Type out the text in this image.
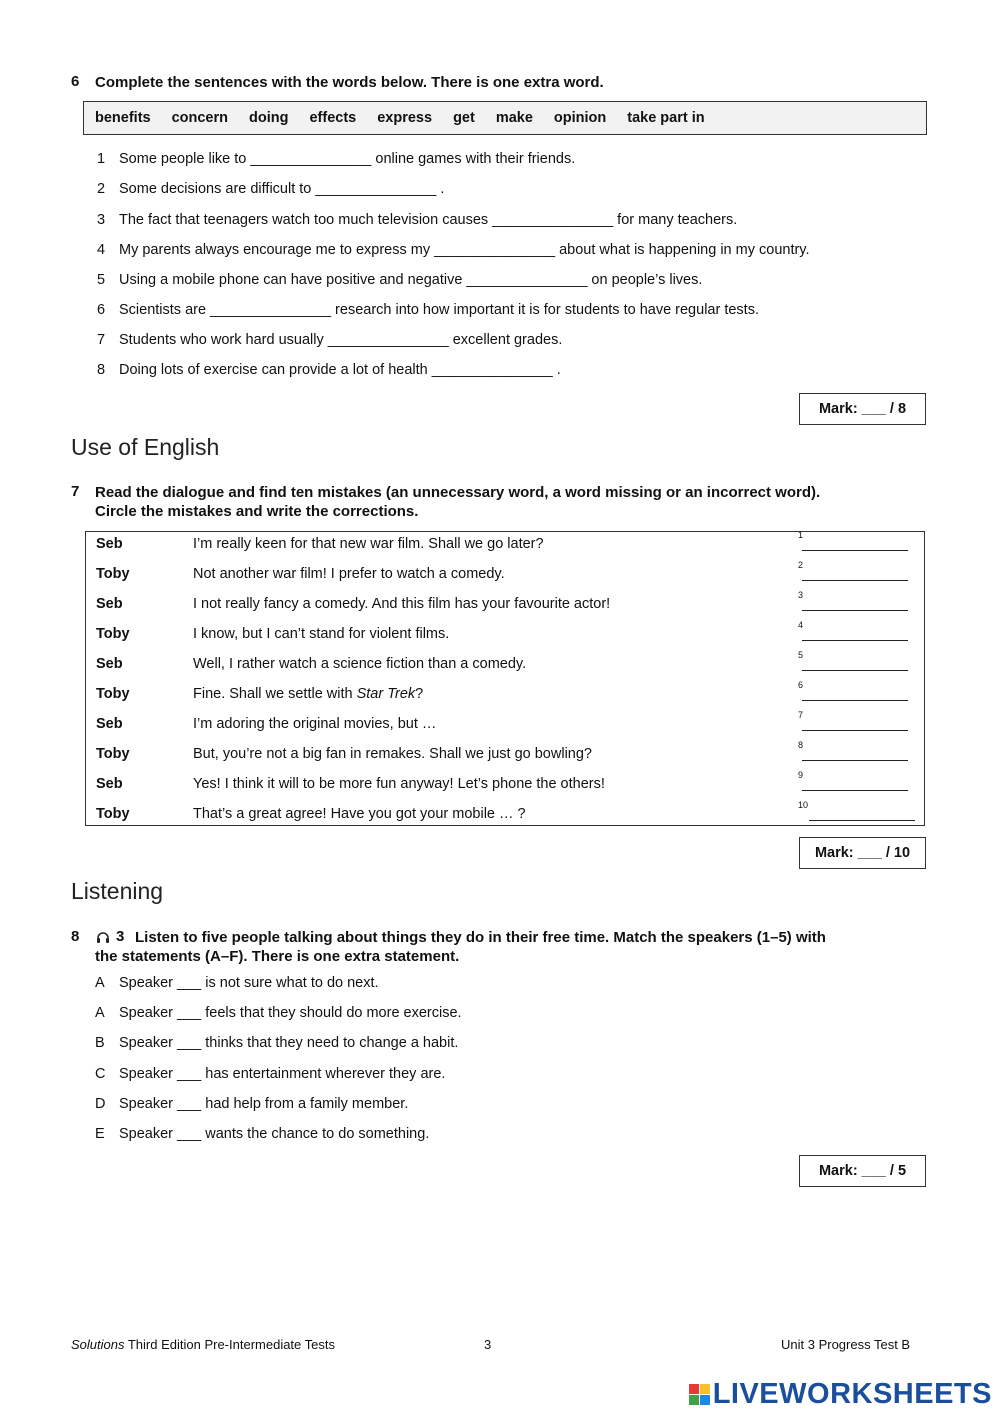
6 Complete the sentences with the words below. There is one extra word.
benefits concern doing effects express get make opinion take part in
1 Some people like to _______________ online games with their friends.
2 Some decisions are difficult to _______________ .
3 The fact that teenagers watch too much television causes _______________ for many teachers.
4 My parents always encourage me to express my _______________ about what is happening in my country.
5 Using a mobile phone can have positive and negative _______________ on people’s lives.
6 Scientists are _______________ research into how important it is for students to have regular tests.
7 Students who work hard usually _______________ excellent grades.
8 Doing lots of exercise can provide a lot of health _______________ .
Mark: ___ / 8
Use of English
7 Read the dialogue and find ten mistakes (an unnecessary word, a word missing or an incorrect word).
Circle the mistakes and write the corrections.
Seb	I’m really keen for that new war film. Shall we go later?
1
Toby	Not another war film! I prefer to watch a comedy.
2
Seb	I not really fancy a comedy. And this film has your favourite actor!
3
Toby	I know, but I can’t stand for violent films.
4
Seb	Well, I rather watch a science fiction than a comedy.
5
Toby	Fine. Shall we settle with Star Trek?
6
Seb	I’m adoring the original movies, but …
7
Toby	But, you’re not a big fan in remakes. Shall we just go bowling?
8
Seb	Yes! I think it will to be more fun anyway! Let’s phone the others!
9
Toby	That’s a great agree! Have you got your mobile … ?
10
Mark: ___ / 10
Listening
8 3 Listen to five people talking about things they do in their free time. Match the speakers (1–5) with
the statements (A–F). There is one extra statement.
A Speaker ___ is not sure what to do next.
A Speaker ___ feels that they should do more exercise.
B Speaker ___ thinks that they need to change a habit.
C Speaker ___ has entertainment wherever they are.
D Speaker ___ had help from a family member.
E Speaker ___ wants the chance to do something.
Mark: ___ / 5
Solutions Third Edition Pre-Intermediate Tests	3	Unit 3 Progress Test B
LIVEWORKSHEETS
